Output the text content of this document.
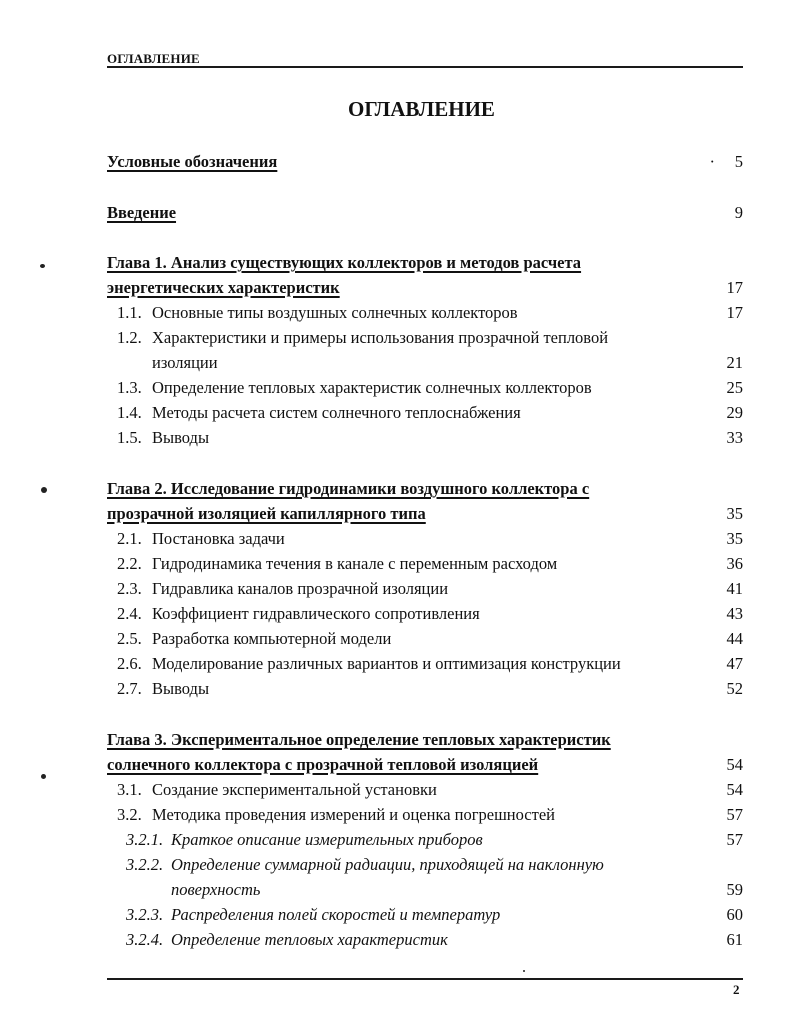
ОГЛАВЛЕНИЕ
ОГЛАВЛЕНИЕ
Условные обозначения	· 5
Введение	9
Глава 1. Анализ существующих коллекторов и методов расчета
энергетических характеристик	17
1.1. Основные типы воздушных солнечных коллекторов	17
1.2. Характеристики и примеры использования прозрачной тепловой
изоляции	21
1.3. Определение тепловых характеристик солнечных коллекторов	25
1.4. Методы расчета систем солнечного теплоснабжения	29
1.5. Выводы	33
Глава 2. Исследование гидродинамики воздушного коллектора с
прозрачной изоляцией капиллярного типа	35
2.1. Постановка задачи	35
2.2. Гидродинамика течения в канале с переменным расходом	36
2.3. Гидравлика каналов прозрачной изоляции	41
2.4. Коэффициент гидравлического сопротивления	43
2.5. Разработка компьютерной модели	44
2.6. Моделирование различных вариантов и оптимизация конструкции	47
2.7. Выводы	52
Глава 3. Экспериментальное определение тепловых характеристик
солнечного коллектора с прозрачной тепловой изоляцией	54
3.1. Создание экспериментальной установки	54
3.2. Методика проведения измерений и оценка погрешностей	57
3.2.1. Краткое описание измерительных приборов	57
3.2.2. Определение суммарной радиации, приходящей на наклонную
поверхность	59
3.2.3. Распределения полей скоростей и температур	60
3.2.4. Определение тепловых характеристик	61
2
